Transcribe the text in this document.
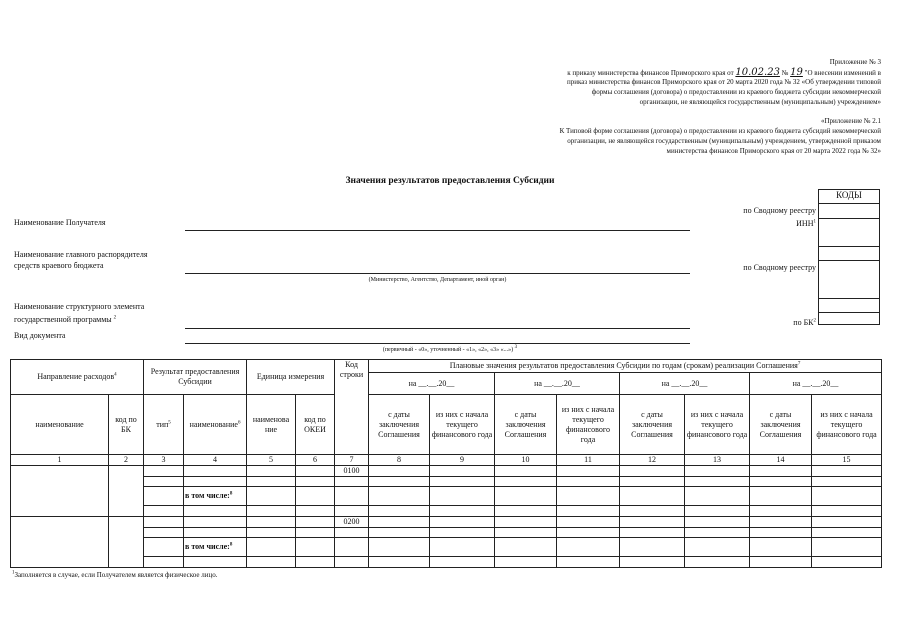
Приложение № 3
к приказу министерства финансов Приморского края от 10.02.23 № 19 "О внесении изменений в
приказ министерства финансов Приморского края от 20 марта 2020 года № 32 «Об утверждении типовой
формы соглашения (договора) о предоставлении из краевого бюджета субсидии некоммерческой
организации, не являющейся государственным (муниципальным) учреждением»
«Приложение № 2.1
К Типовой форме соглашения (договора) о предоставлении из краевого бюджета субсидий некоммерческой
организации, не являющейся государственным (муниципальным) учреждением, утвержденной приказом
министерства финансов Приморского края от 20 марта 2022 года № 32»
Значения результатов предоставления Субсидии
КОДЫ
Наименование Получателя
по Сводному реестру
ИНН$^1$
Наименование главного распорядителя
средств краевого бюджета
(Министерство, Агентство, Департамент, иной орган)
по Сводному реестру
Наименование структурного элемента
государственной программы $^2$
по $БК^2$
Вид документа
(первичный - «0», уточненный - «1», «2», «3» «...») $^3$
Направление расходов$^4$		Результат предоставления Субсидии		Единица измерения		Код строки	Плановые значения результатов предоставления Субсидии по годам (срокам) реализации Соглашения$^7$
							на __.__.20__		на __.__.20__		на __.__.20__		на __.__.20__	
наименование	код по БК	тип$^5$	наименование$^6$	наименова ние	код по ОКЕИ		с даты заключения Соглашения	из них с начала текущего финансового года	с даты заключения Соглашения	из них с начала текущего финансового года	с даты заключения Соглашения	из них с начала текущего финансового года	с даты заключения Соглашения	из них с начала текущего финансового года
1	2	3	4	5	6	7	8	9	10	11	12	13	14	15
						0100								

			в том числе:$^8$											

						0200								

			в том числе:$^8$											

$^1$Заполняется в случае, если Получателем является физическое лицо.
